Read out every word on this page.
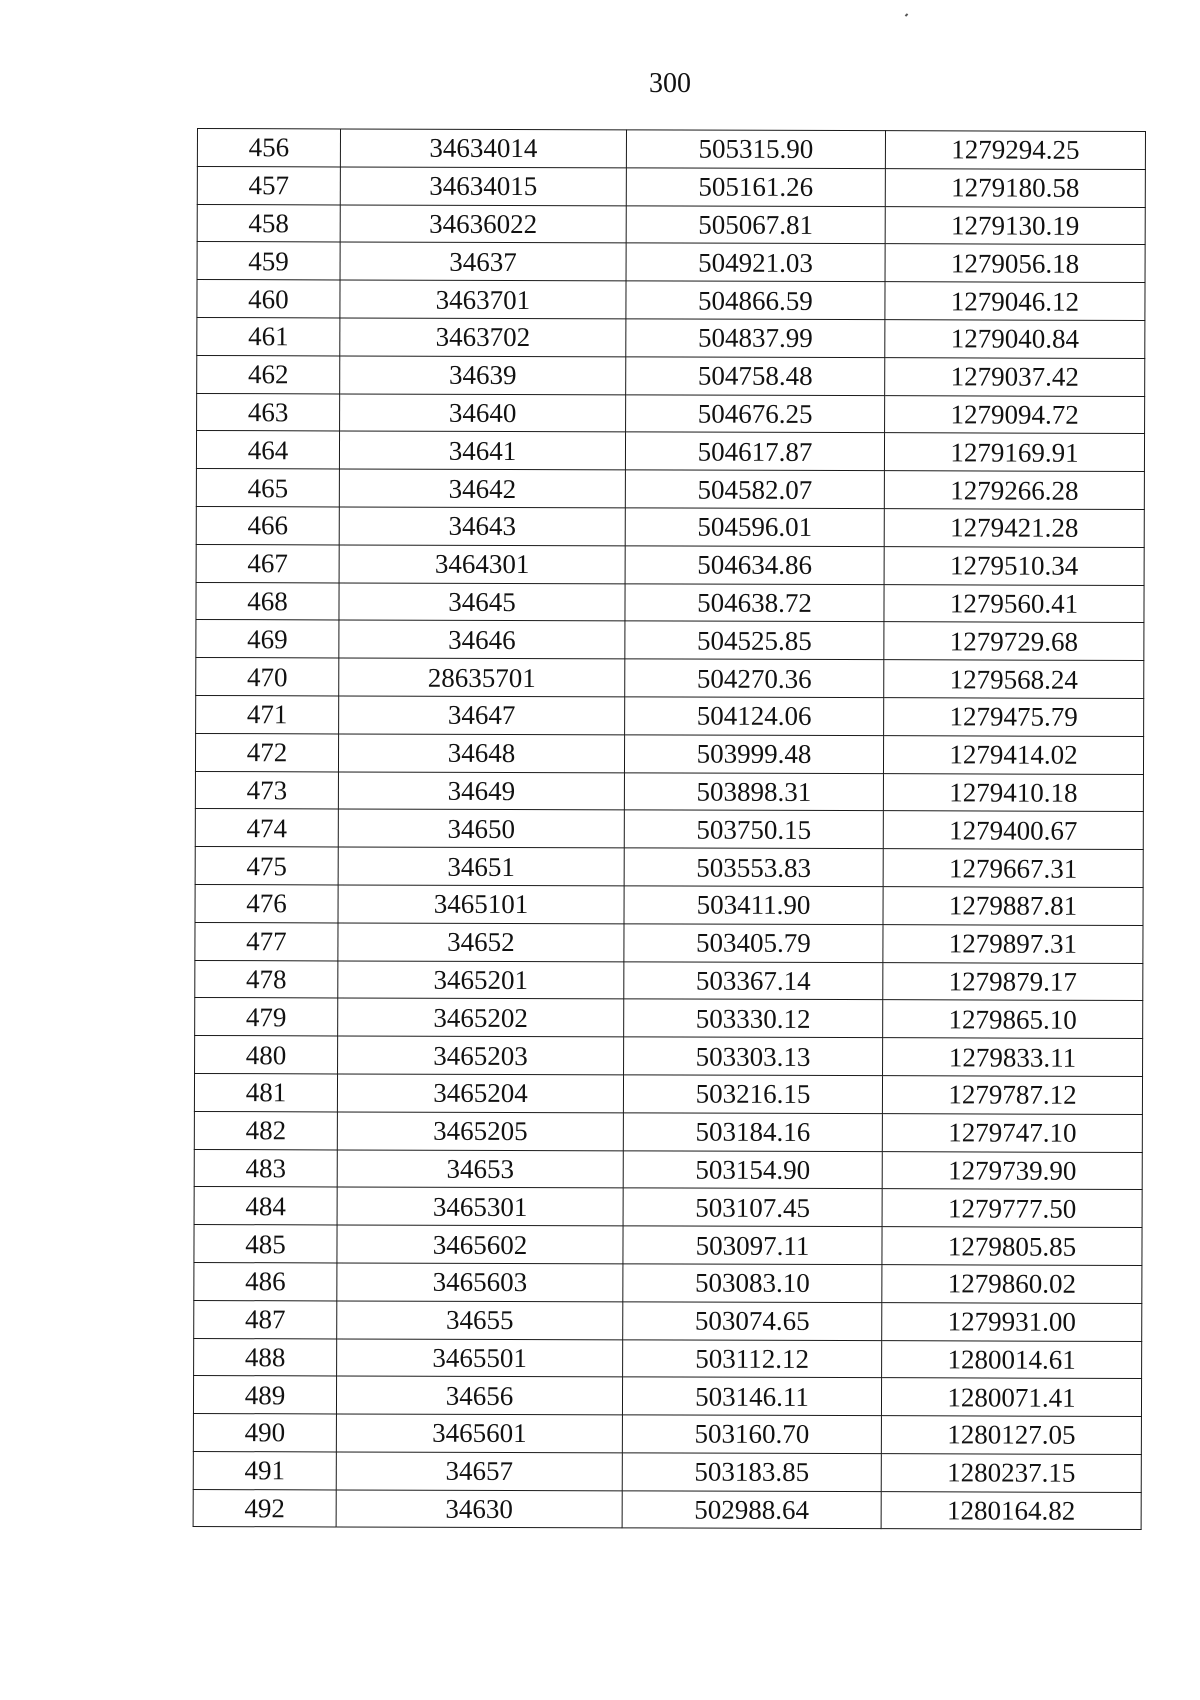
300
456	34634014	505315.90	1279294.25
457	34634015	505161.26	1279180.58
458	34636022	505067.81	1279130.19
459	34637	504921.03	1279056.18
460	3463701	504866.59	1279046.12
461	3463702	504837.99	1279040.84
462	34639	504758.48	1279037.42
463	34640	504676.25	1279094.72
464	34641	504617.87	1279169.91
465	34642	504582.07	1279266.28
466	34643	504596.01	1279421.28
467	3464301	504634.86	1279510.34
468	34645	504638.72	1279560.41
469	34646	504525.85	1279729.68
470	28635701	504270.36	1279568.24
471	34647	504124.06	1279475.79
472	34648	503999.48	1279414.02
473	34649	503898.31	1279410.18
474	34650	503750.15	1279400.67
475	34651	503553.83	1279667.31
476	3465101	503411.90	1279887.81
477	34652	503405.79	1279897.31
478	3465201	503367.14	1279879.17
479	3465202	503330.12	1279865.10
480	3465203	503303.13	1279833.11
481	3465204	503216.15	1279787.12
482	3465205	503184.16	1279747.10
483	34653	503154.90	1279739.90
484	3465301	503107.45	1279777.50
485	3465602	503097.11	1279805.85
486	3465603	503083.10	1279860.02
487	34655	503074.65	1279931.00
488	3465501	503112.12	1280014.61
489	34656	503146.11	1280071.41
490	3465601	503160.70	1280127.05
491	34657	503183.85	1280237.15
492	34630	502988.64	1280164.82
